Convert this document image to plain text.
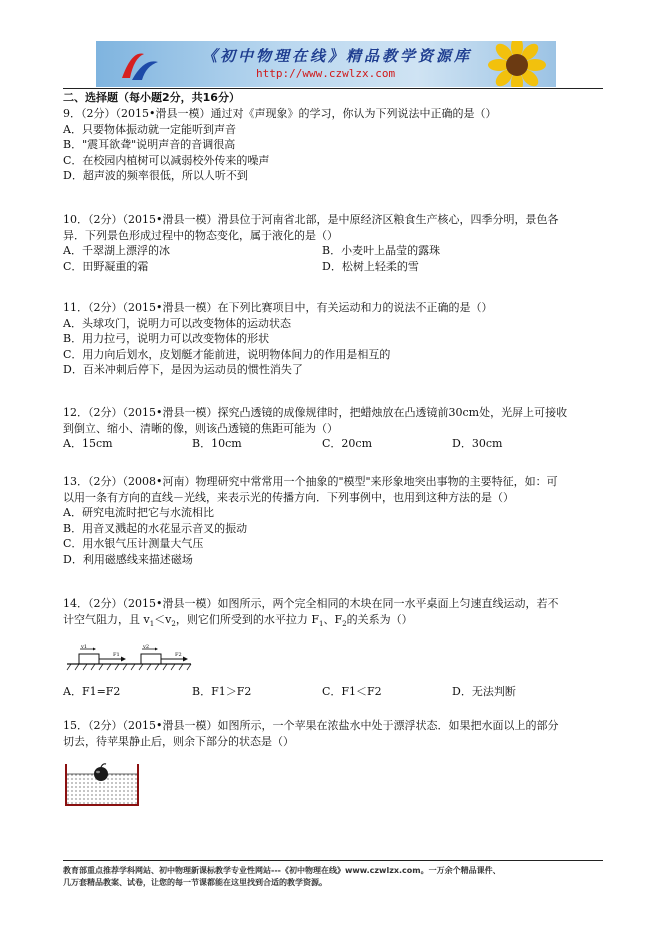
《初中物理在线》精品教学资源库
http://www.czwlzx.com
二、选择题（每小题2分，共16分）
9．（2分）（2015•滑县一模）通过对《声现象》的学习，你认为下列说法中正确的是（）
A．只要物体振动就一定能听到声音
B．"震耳欲聋"说明声音的音调很高
C．在校园内植树可以减弱校外传来的噪声
D．超声波的频率很低，所以人听不到
10．（2分）（2015•滑县一模）滑县位于河南省北部，是中原经济区粮食生产核心，四季分明，景色各
异．下列景色形成过程中的物态变化，属于液化的是（）
A．千翠湖上漂浮的冰	B．小麦叶上晶莹的露珠
C．田野凝重的霜	D．松树上轻柔的雪
11．（2分）（2015•滑县一模）在下列比赛项目中，有关运动和力的说法不正确的是（）
A．头球攻门，说明力可以改变物体的运动状态
B．用力拉弓，说明力可以改变物体的形状
C．用力向后划水，皮划艇才能前进，说明物体间力的作用是相互的
D．百米冲刺后停下，是因为运动员的惯性消失了
12．（2分）（2015•滑县一模）探究凸透镜的成像规律时，把蜡烛放在凸透镜前30cm处，光屏上可接收
到倒立、缩小、清晰的像，则该凸透镜的焦距可能为（）
A．15cm	B．10cm	C．20cm	D．30cm
13．（2分）（2008•河南）物理研究中常常用一个抽象的"模型"来形象地突出事物的主要特征，如：可
以用一条有方向的直线－光线，来表示光的传播方向．下列事例中，也用到这种方法的是（）
A．研究电流时把它与水流相比
B．用音叉溅起的水花显示音叉的振动
C．用水银气压计测量大气压
D．利用磁感线来描述磁场
14．（2分）（2015•滑县一模）如图所示，两个完全相同的木块在同一水平桌面上匀速直线运动，若不
计空气阻力，且 $v_1<v_2$，则它们所受到的水平拉力 $F_1$、$F_2$的关系为（）
v1	v2
F1	F2
A．F1=F2	B．F1＞F2	C．F1＜F2	D．无法判断
15．（2分）（2015•滑县一模）如图所示，一个苹果在浓盐水中处于漂浮状态．如果把水面以上的部分
切去，待苹果静止后，则余下部分的状态是（）
教育部重点推荐学科网站、初中物理新课标教学专业性网站---《初中物理在线》www.czwlzx.com。一万余个精品课件、
几万套精品教案、试卷，让您的每一节课都能在这里找到合适的教学资源。
